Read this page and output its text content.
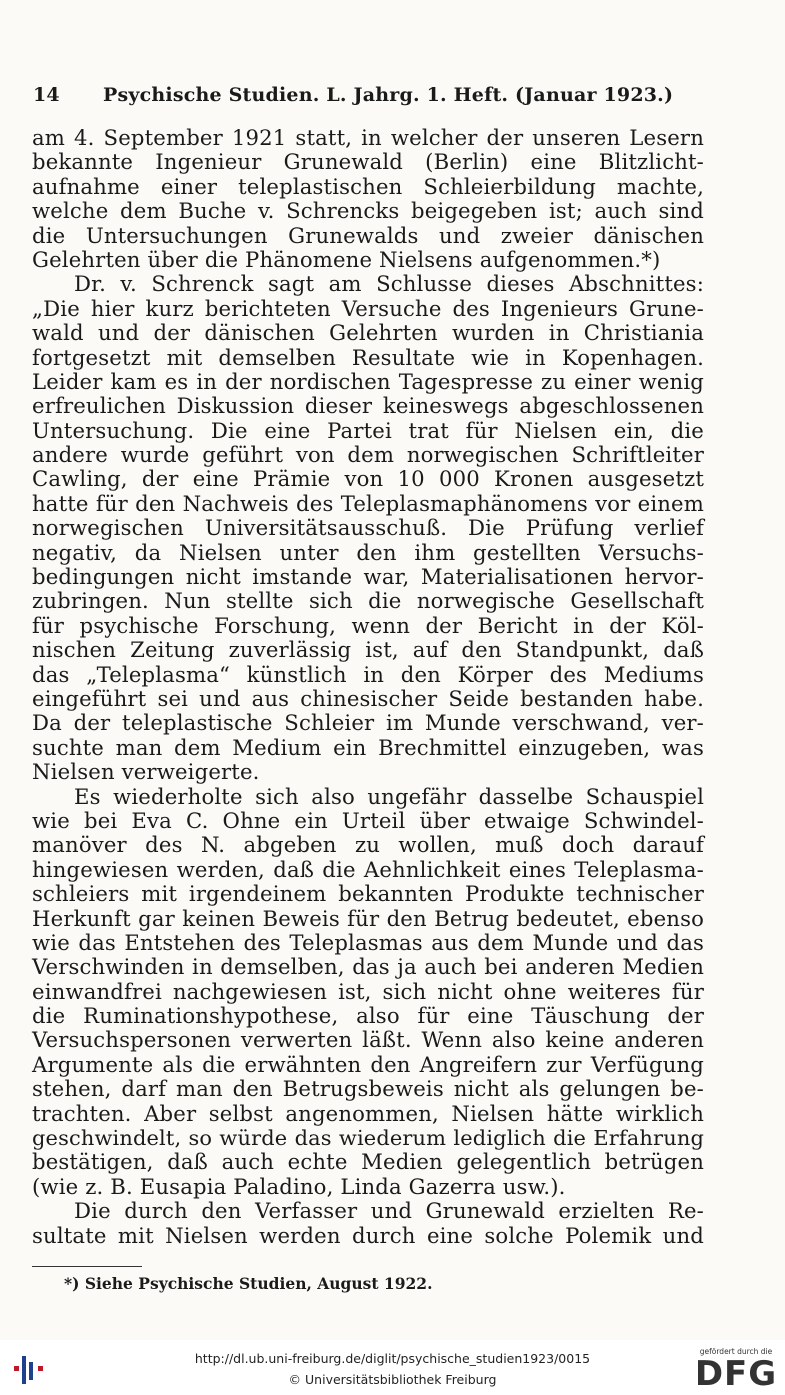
14 Psychische Studien. L. Jahrg. 1. Heft. (Januar 1923.)
am 4. September 1921 statt, in welcher der unseren Lesern
bekannte Ingenieur Grunewald (Berlin) eine Blitzlicht-
aufnahme einer teleplastischen Schleierbildung machte,
welche dem Buche v. Schrencks beigegeben ist; auch sind
die Untersuchungen Grunewalds und zweier dänischen
Gelehrten über die Phänomene Nielsens aufgenommen.*)
Dr. v. Schrenck sagt am Schlusse dieses Abschnittes:
„Die hier kurz berichteten Versuche des Ingenieurs Grune-
wald und der dänischen Gelehrten wurden in Christiania
fortgesetzt mit demselben Resultate wie in Kopenhagen.
Leider kam es in der nordischen Tagespresse zu einer wenig
erfreulichen Diskussion dieser keineswegs abgeschlossenen
Untersuchung. Die eine Partei trat für Nielsen ein, die
andere wurde geführt von dem norwegischen Schriftleiter
Cawling, der eine Prämie von 10 000 Kronen ausgesetzt
hatte für den Nachweis des Teleplasmaphänomens vor einem
norwegischen Universitätsausschuß. Die Prüfung verlief
negativ, da Nielsen unter den ihm gestellten Versuchs-
bedingungen nicht imstande war, Materialisationen hervor-
zubringen. Nun stellte sich die norwegische Gesellschaft
für psychische Forschung, wenn der Bericht in der Köl-
nischen Zeitung zuverlässig ist, auf den Standpunkt, daß
das „Teleplasma“ künstlich in den Körper des Mediums
eingeführt sei und aus chinesischer Seide bestanden habe.
Da der teleplastische Schleier im Munde verschwand, ver-
suchte man dem Medium ein Brechmittel einzugeben, was
Nielsen verweigerte.
Es wiederholte sich also ungefähr dasselbe Schauspiel
wie bei Eva C. Ohne ein Urteil über etwaige Schwindel-
manöver des N. abgeben zu wollen, muß doch darauf
hingewiesen werden, daß die Aehnlichkeit eines Teleplasma-
schleiers mit irgendeinem bekannten Produkte technischer
Herkunft gar keinen Beweis für den Betrug bedeutet, ebenso
wie das Entstehen des Teleplasmas aus dem Munde und das
Verschwinden in demselben, das ja auch bei anderen Medien
einwandfrei nachgewiesen ist, sich nicht ohne weiteres für
die Ruminationshypothese, also für eine Täuschung der
Versuchspersonen verwerten läßt. Wenn also keine anderen
Argumente als die erwähnten den Angreifern zur Verfügung
stehen, darf man den Betrugsbeweis nicht als gelungen be-
trachten. Aber selbst angenommen, Nielsen hätte wirklich
geschwindelt, so würde das wiederum lediglich die Erfahrung
bestätigen, daß auch echte Medien gelegentlich betrügen
(wie z. B. Eusapia Paladino, Linda Gazerra usw.).
Die durch den Verfasser und Grunewald erzielten Re-
sultate mit Nielsen werden durch eine solche Polemik und
*) Siehe Psychische Studien, August 1922.
http://dl.ub.uni-freiburg.de/diglit/psychische_studien1923/0015
© Universitätsbibliothek Freiburg
gefördert durch die
DFG
